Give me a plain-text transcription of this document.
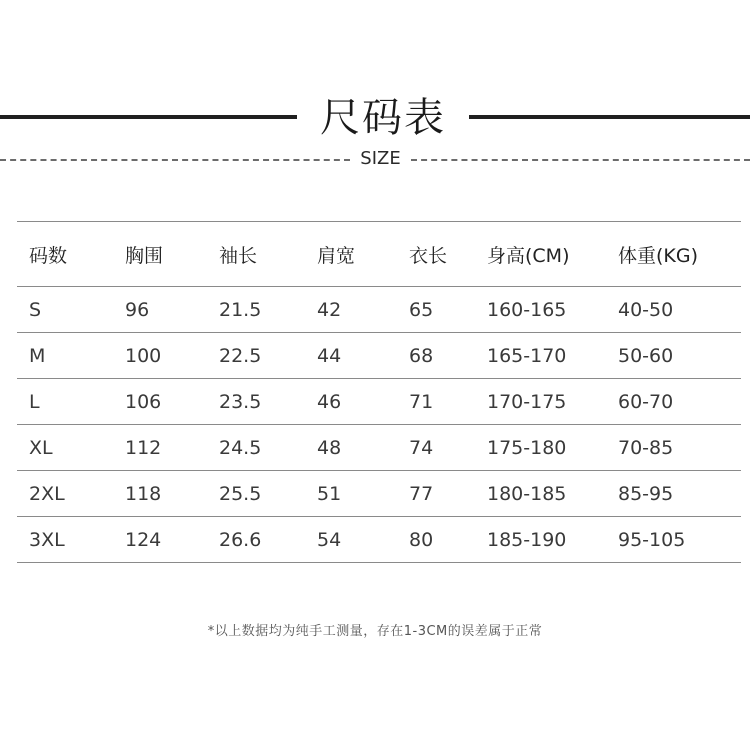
尺码表
SIZE
码数	胸围	袖长	肩宽	衣长	身高(CM)	体重(KG)
S	96	21.5	42	65	160-165	40-50
M	100	22.5	44	68	165-170	50-60
L	106	23.5	46	71	170-175	60-70
XL	112	24.5	48	74	175-180	70-85
2XL	118	25.5	51	77	180-185	85-95
3XL	124	26.6	54	80	185-190	95-105
*以上数据均为纯手工测量，存在1-3CM的误差属于正常
